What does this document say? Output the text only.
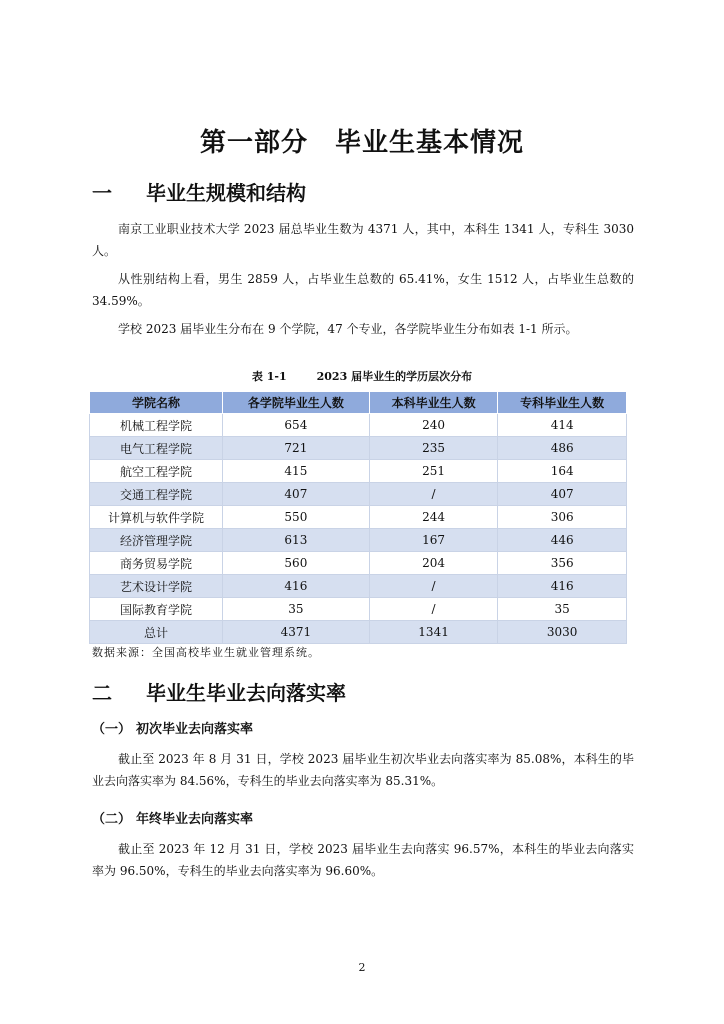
第一部分　毕业生基本情况
一 毕业生规模和结构

南京工业职业技术大学 2023 届总毕业生数为 4371 人，其中，本科生 1341 人，专科生 3030 人。

从性别结构上看，男生 2859 人，占毕业生总数的 65.41%，女生 1512 人，占毕业生总数的 34.59%。

学校 2023 届毕业生分布在 9 个学院，47 个专业，各学院毕业生分布如表 1-1 所示。

表 1-1	2023 届毕业生的学历层次分布
学院名称	各学院毕业生人数	本科毕业生人数	专科毕业生人数
机械工程学院	654	240	414
电气工程学院	721	235	486
航空工程学院	415	251	164
交通工程学院	407	/	407
计算机与软件学院	550	244	306
经济管理学院	613	167	446
商务贸易学院	560	204	356
艺术设计学院	416	/	416
国际教育学院	35	/	35
总计	4371	1341	3030
数据来源：全国高校毕业生就业管理系统。
二 毕业生毕业去向落实率
（一） 初次毕业去向落实率

截止至 2023 年 8 月 31 日，学校 2023 届毕业生初次毕业去向落实率为 85.08%，本科生的毕业去向落实率为 84.56%，专科生的毕业去向落实率为 85.31%。

（二） 年终毕业去向落实率

截止至 2023 年 12 月 31 日，学校 2023 届毕业生去向落实 96.57%，本科生的毕业去向落实率为 96.50%，专科生的毕业去向落实率为 96.60%。

2
